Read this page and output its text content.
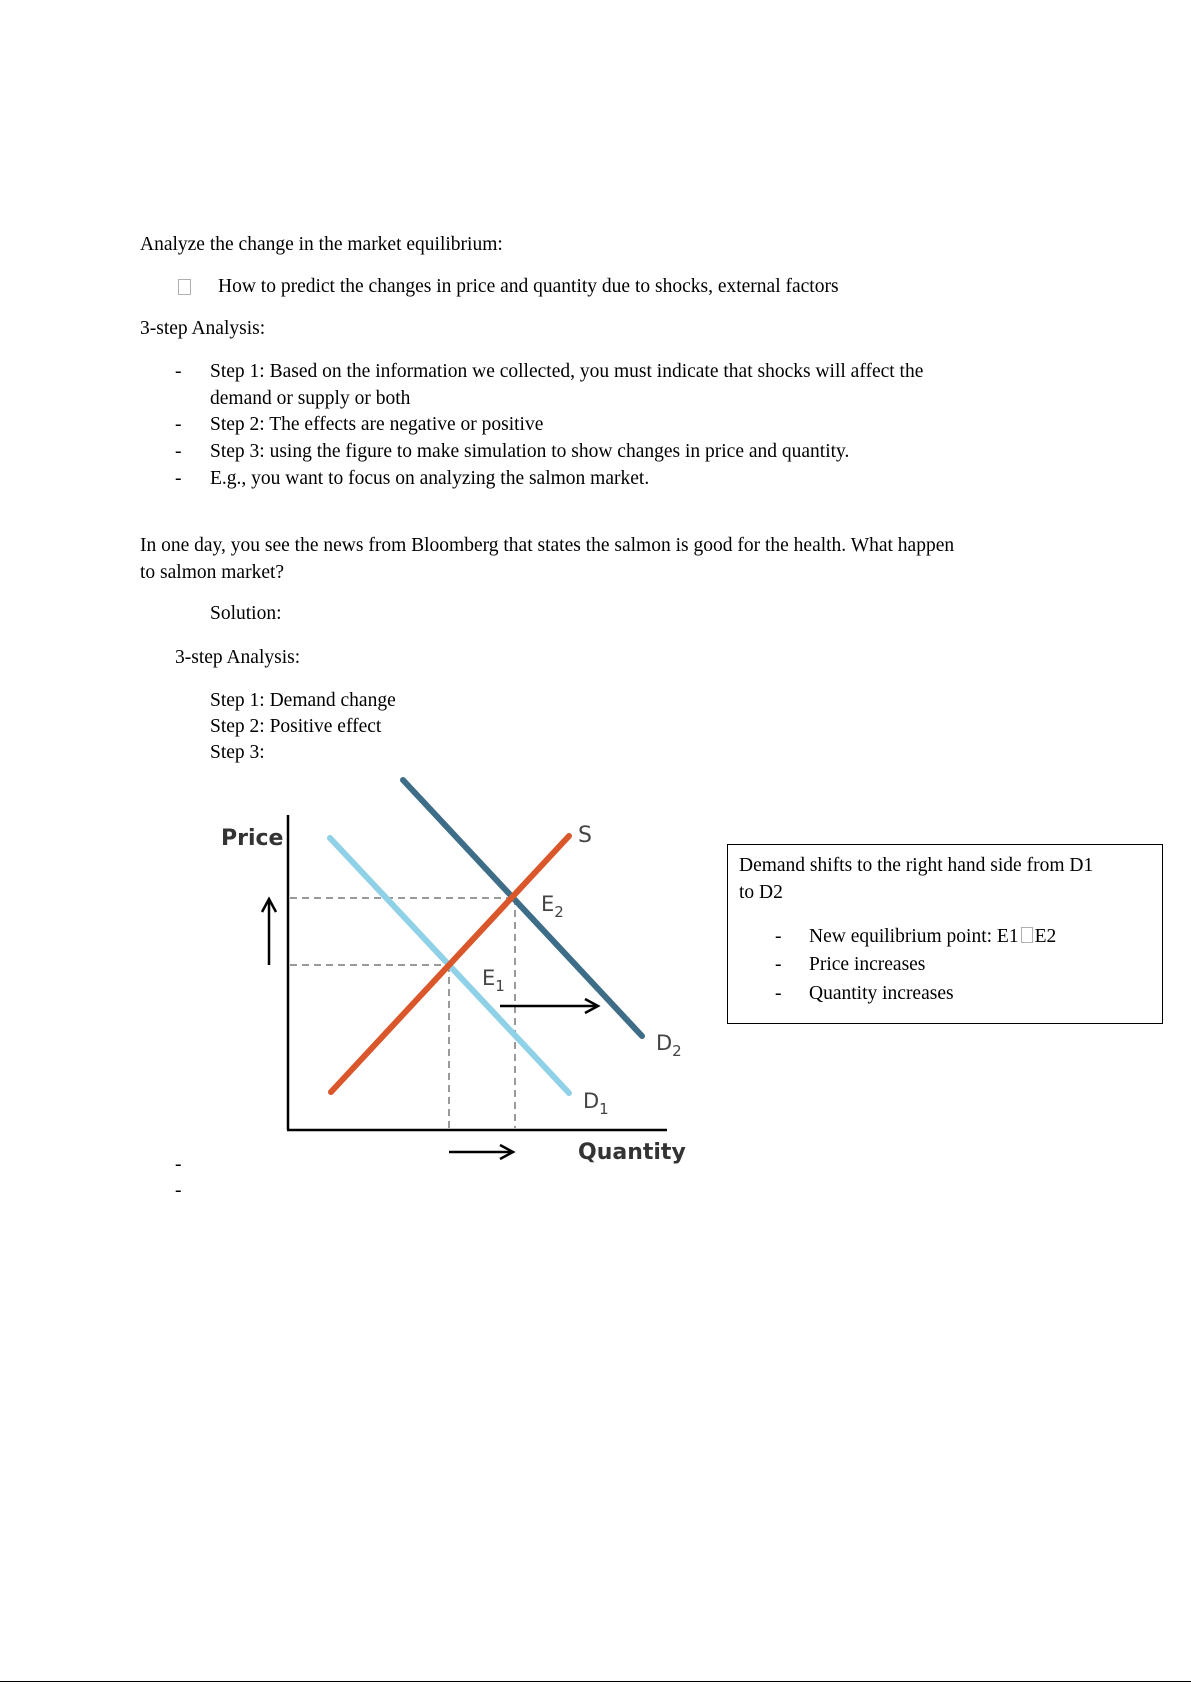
Analyze the change in the market equilibrium:
How to predict the changes in price and quantity due to shocks, external factors
3-step Analysis:
- Step 1: Based on the information we collected, you must indicate that shocks will affect the
demand or supply or both
- Step 2: The effects are negative or positive
- Step 3: using the figure to make simulation to show changes in price and quantity.
- E.g., you want to focus on analyzing the salmon market.
In one day, you see the news from Bloomberg that states the salmon is good for the health. What happen
to salmon market?
Solution:
3-step Analysis:
Step 1: Demand change
Step 2: Positive effect
Step 3:
Price
Quantity
S
$E_2$
$E_1$
$D_2$
$D_1$
-
-
Demand shifts to the right hand side from D1
to D2
- New equilibrium point: E1 E2
- Price increases
- Quantity increases
